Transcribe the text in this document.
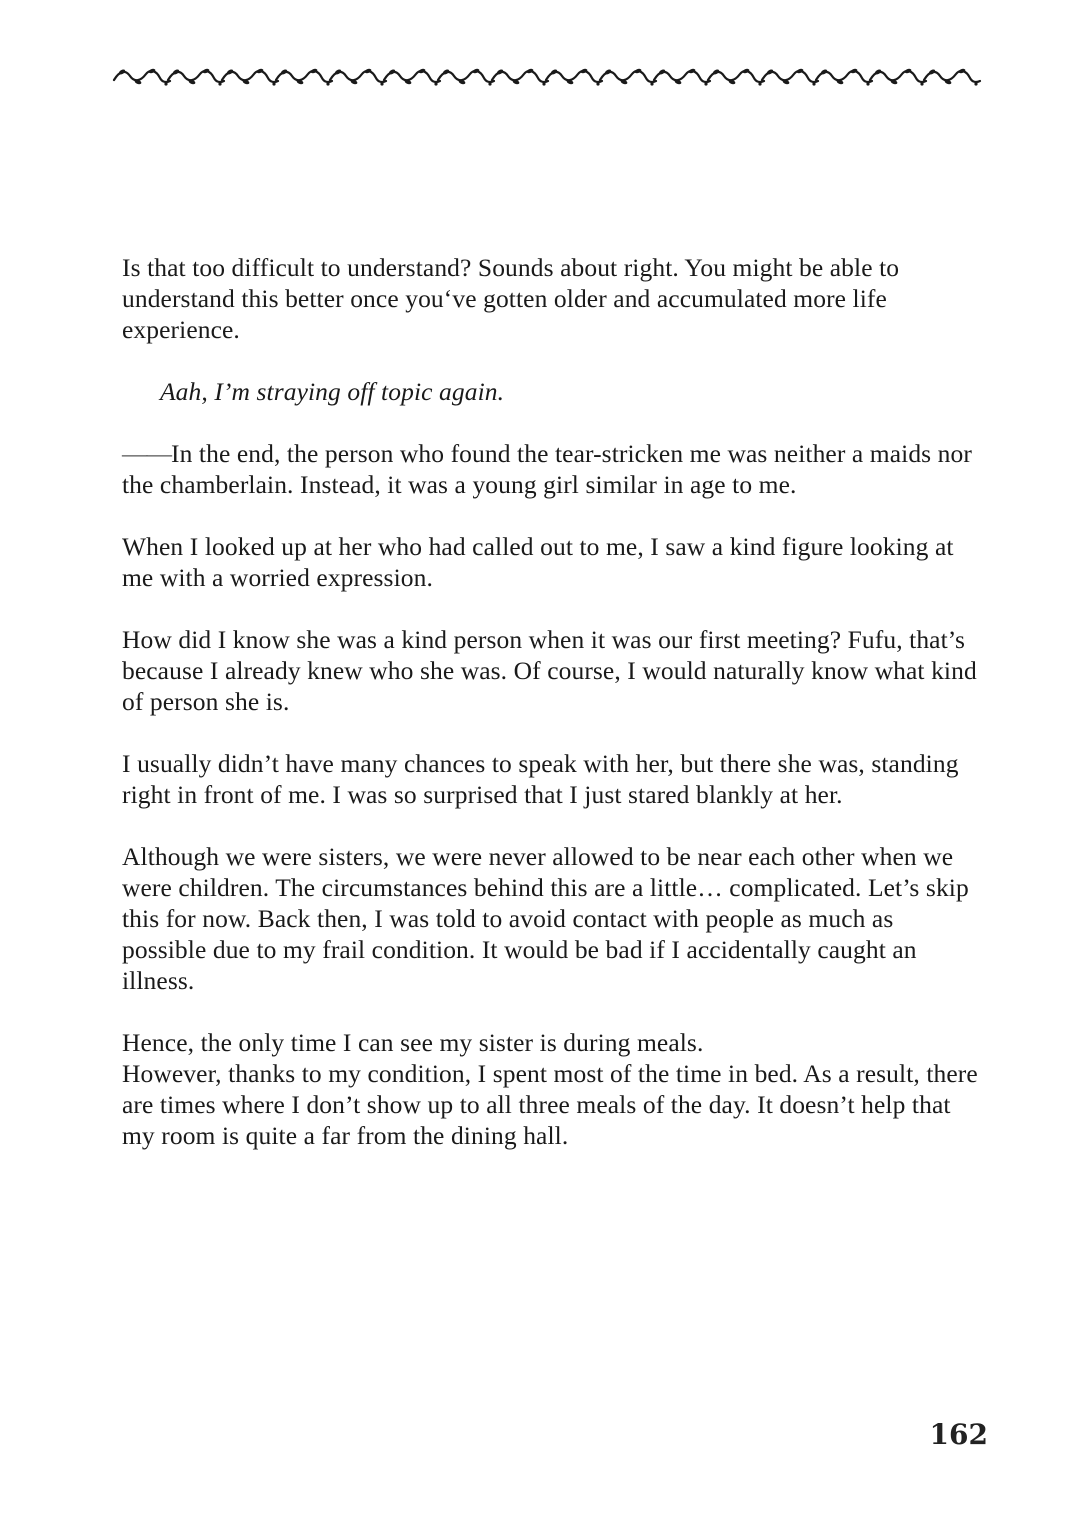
Is that too difficult to understand? Sounds about right. You might be able to understand this better once you‘ve gotten older and accumulated more life experience.

Aah, I’m straying off topic again.

——In the end, the person who found the tear-stricken me was neither a maids nor the chamberlain. Instead, it was a young girl similar in age to me.

When I looked up at her who had called out to me, I saw a kind figure looking at me with a worried expression.

How did I know she was a kind person when it was our first meeting? Fufu, that’s because I already knew who she was. Of course, I would naturally know what kind of person she is.

I usually didn’t have many chances to speak with her, but there she was, standing right in front of me. I was so surprised that I just stared blankly at her.

Although we were sisters, we were never allowed to be near each other when we were children. The circumstances behind this are a little… complicated. Let’s skip this for now. Back then, I was told to avoid contact with people as much as possible due to my frail condition. It would be bad if I accidentally caught an illness.

Hence, the only time I can see my sister is during meals.
However, thanks to my condition, I spent most of the time in bed. As a result, there are times where I don’t show up to all three meals of the day. It doesn’t help that my room is quite a far from the dining hall.

162
